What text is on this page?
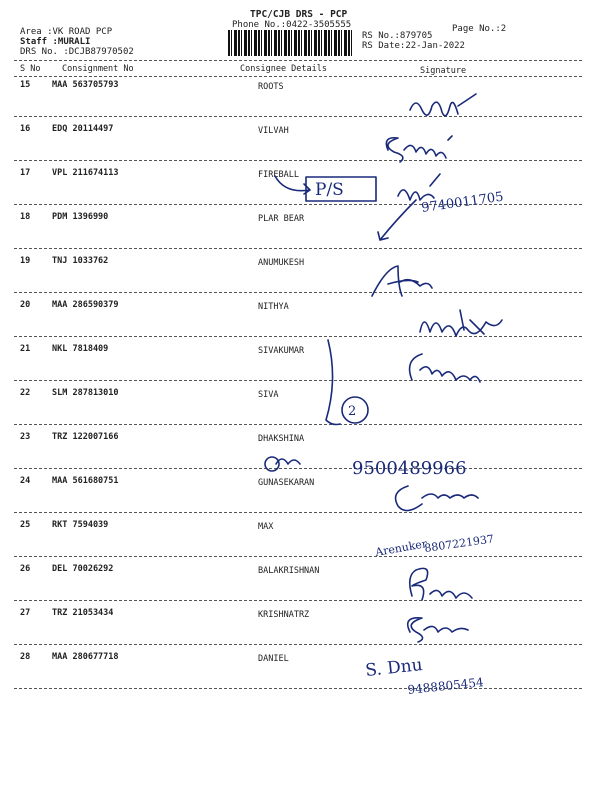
TPC/CJB DRS - PCP
Phone No.:0422-3505555
Area :VK ROAD PCP
Staff :MURALI
DRS No. :DCJB87970502
Page No.:2
RS No.:879705
RS Date:22-Jan-2022
S No	Consignment No	Consignee Details	Signature
15	MAA 563705793	ROOTS
16	EDQ 20114497	VILVAH
17	VPL 211674113	FIREBALL
18	PDM 1396990	PLAR BEAR
19	TNJ 1033762	ANUMUKESH
20	MAA 286590379	NITHYA
21	NKL 7818409	SIVAKUMAR
22	SLM 287813010	SIVA
23	TRZ 122007166	DHAKSHINA
24	MAA 561680751	GUNASEKARAN
25	RKT 7594039	MAX
26	DEL 70026292	BALAKRISHNAN
27	TRZ 21053434	KRISHNATRZ
28	MAA 280677718	DANIEL
P/S
2
9740011705
9500489966
Arenuker
8807221937
S. Dnu
9488805454
